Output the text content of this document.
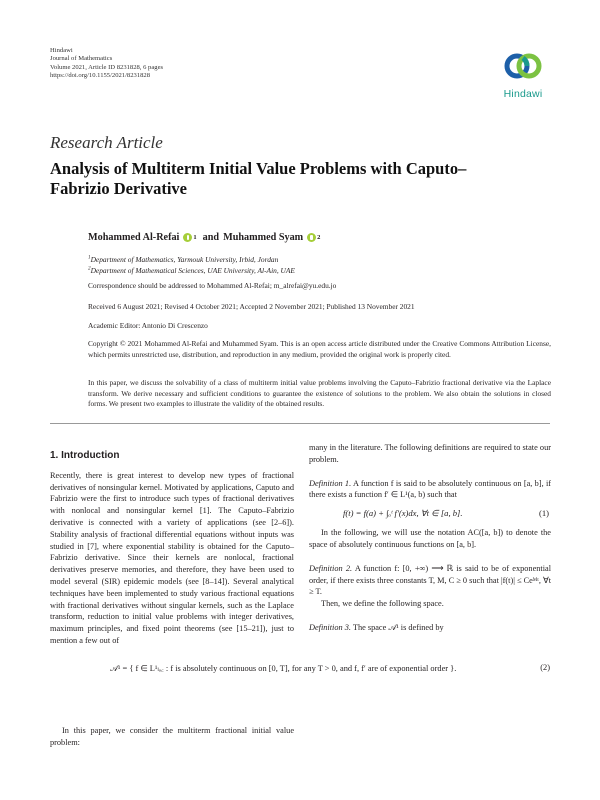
Hindawi
Journal of Mathematics
Volume 2021, Article ID 8231828, 6 pages
https://doi.org/10.1155/2021/8231828
Hindawi
Research Article
Analysis of Multiterm Initial Value Problems with Caputo–Fabrizio Derivative
Mohammed Al-Refai 1 and Muhammed Syam 2
$^1$Department of Mathematics, Yarmouk University, Irbid, Jordan
$^2$Department of Mathematical Sciences, UAE University, Al-Ain, UAE
Correspondence should be addressed to Mohammed Al-Refai; m_alrefai@yu.edu.jo
Received 6 August 2021; Revised 4 October 2021; Accepted 2 November 2021; Published 13 November 2021
Academic Editor: Antonio Di Crescenzo
Copyright © 2021 Mohammed Al-Refai and Muhammed Syam. This is an open access article distributed under the Creative Commons Attribution License, which permits unrestricted use, distribution, and reproduction in any medium, provided the original work is properly cited.
In this paper, we discuss the solvability of a class of multiterm initial value problems involving the Caputo–Fabrizio fractional derivative via the Laplace transform. We derive necessary and sufficient conditions to guarantee the existence of solutions to the problem. We also obtain the solutions in closed forms. We present two examples to illustrate the validity of the obtained results.
1. Introduction

Recently, there is great interest to develop new types of fractional derivatives of nonsingular kernel. Motivated by applications, Caputo and Fabrizio were the first to introduce such types of fractional derivatives with nonlocal and nonsingular kernel [1]. The Caputo–Fabrizio derivative is connected with a variety of applications (see [2–6]). Stability analysis of fractional differential equations without inputs was studied in [7], where exponential stability is obtained for the Caputo–Fabrizio derivative. Since their kernels are nonlocal, fractional derivatives preserve memories, and therefore, they have been used to model several (SIR) epidemic models (see [8–14]). Several analytical techniques have been implemented to study various fractional equations with fractional derivatives without singular kernels, such as the Laplace transform, reduction to initial value problems with integer derivatives, maximum principles, and fixed point theorems (see [15–21]), just to mention a few out of

many in the literature. The following definitions are required to state our problem.

Definition 1. A function f is said to be absolutely continuous on [a, b], if there exists a function f′ ∈ L¹(a, b) such that

f(t) = f(a) + ∫ₐᵗ f′(x)dx, ∀t ∈ [a, b].	(1)

In the following, we will use the notation AC([a, b]) to denote the space of absolutely continuous functions on [a, b].

Definition 2. A function f: [0, +∞) ⟶ ℝ is said to be of exponential order, if there exists three constants T, M, C ≥ 0 such that |f(t)| ≤ Ceᴹᵗ, ∀t ≥ T.

Then, we define the following space.

Definition 3. The space 𝒜¹ is defined by

𝒜¹ = { f ∈ L¹ₗₒ꜀ : f is absolutely continuous on [0, T], for any T > 0, and f, f′ are of exponential order }.	(2)

In this paper, we consider the multiterm fractional initial value problem:
